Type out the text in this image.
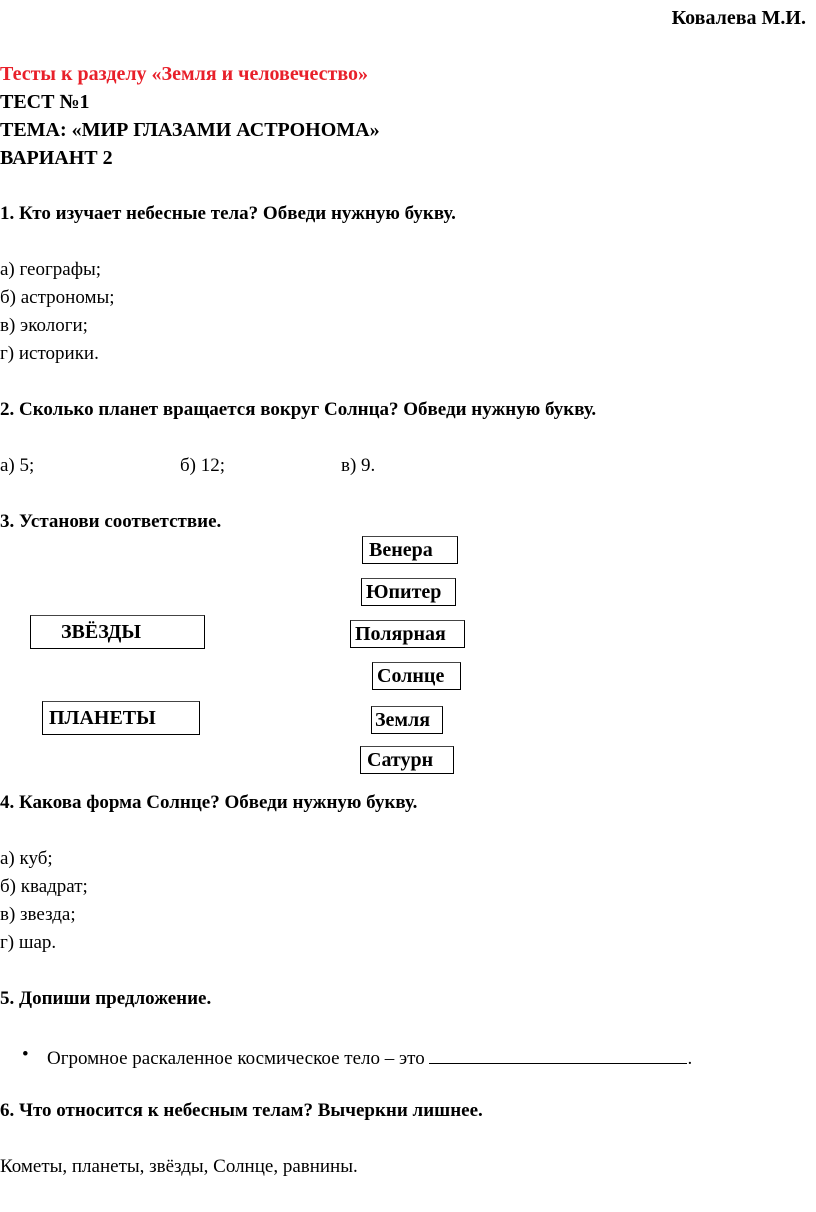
Ковалева М.И.
Тесты к разделу «Земля и человечество»
ТЕСТ №1
ТЕМА: «МИР ГЛАЗАМИ АСТРОНОМА»
ВАРИАНТ 2
1. Кто изучает небесные тела? Обведи нужную букву.
а) географы;
б) астрономы;
в) экологи;
г) историки.
2. Сколько планет вращается вокруг Солнца? Обведи нужную букву.
а) 5;	б) 12;	в) 9.
3. Установи соответствие.
Венера
Юпитер
Полярная
Солнце
Земля
Сатурн
ЗВЁЗДЫ
ПЛАНЕТЫ
4. Какова форма Солнце? Обведи нужную букву.
а) куб;
б) квадрат;
в) звезда;
г) шар.
5. Допиши предложение.
• Огромное раскаленное космическое тело – это	.
6. Что относится к небесным телам? Вычеркни лишнее.
Кометы, планеты, звёзды, Солнце, равнины.
